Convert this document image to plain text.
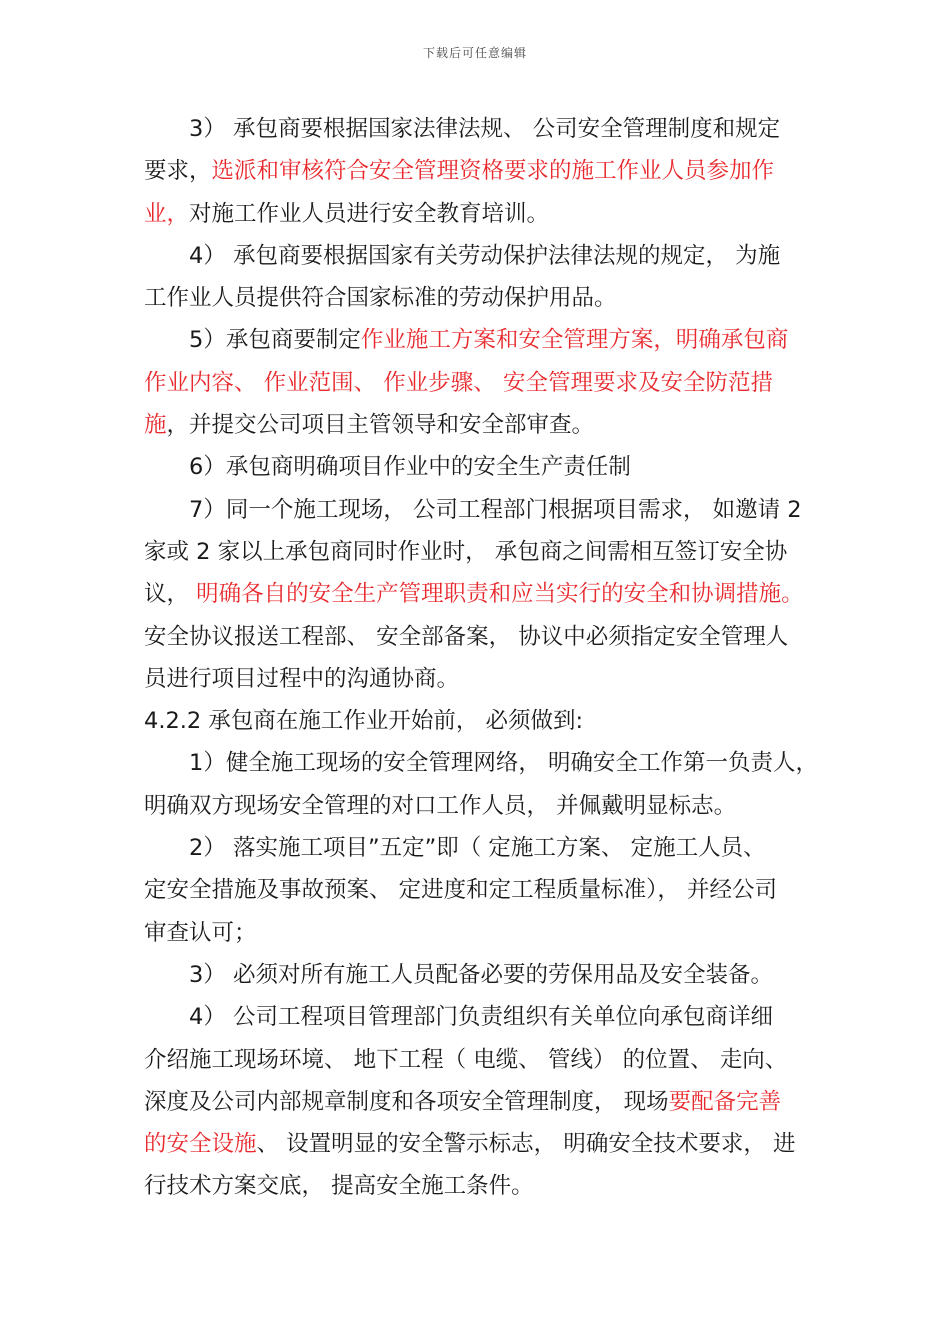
下载后可任意编辑
3） 承包商要根据国家法律法规、 公司安全管理制度和规定
要求，选派和审核符合安全管理资格要求的施工作业人员参加作
业，对施工作业人员进行安全教育培训。
4） 承包商要根据国家有关劳动保护法律法规的规定， 为施
工作业人员提供符合国家标准的劳动保护用品。
5）承包商要制定作业施工方案和安全管理方案，明确承包商
作业内容、 作业范围、 作业步骤、 安全管理要求及安全防范措
施，并提交公司项目主管领导和安全部审查。
6）承包商明确项目作业中的安全生产责任制
7）同一个施工现场， 公司工程部门根据项目需求， 如邀请 2
家或 2 家以上承包商同时作业时， 承包商之间需相互签订安全协
议， 明确各自的安全生产管理职责和应当实行的安全和协调措施。
安全协议报送工程部、 安全部备案， 协议中必须指定安全管理人
员进行项目过程中的沟通协商。
4.2.2 承包商在施工作业开始前， 必须做到:
1）健全施工现场的安全管理网络， 明确安全工作第一负责人，
明确双方现场安全管理的对口工作人员， 并佩戴明显标志。
2） 落实施工项目”五定”即（ 定施工方案、 定施工人员、
定安全措施及事故预案、 定进度和定工程质量标准）， 并经公司
审查认可；
3） 必须对所有施工人员配备必要的劳保用品及安全装备。
4） 公司工程项目管理部门负责组织有关单位向承包商详细
介绍施工现场环境、 地下工程（ 电缆、 管线） 的位置、 走向、
深度及公司内部规章制度和各项安全管理制度， 现场要配备完善
的安全设施、 设置明显的安全警示标志， 明确安全技术要求， 进
行技术方案交底， 提高安全施工条件。
